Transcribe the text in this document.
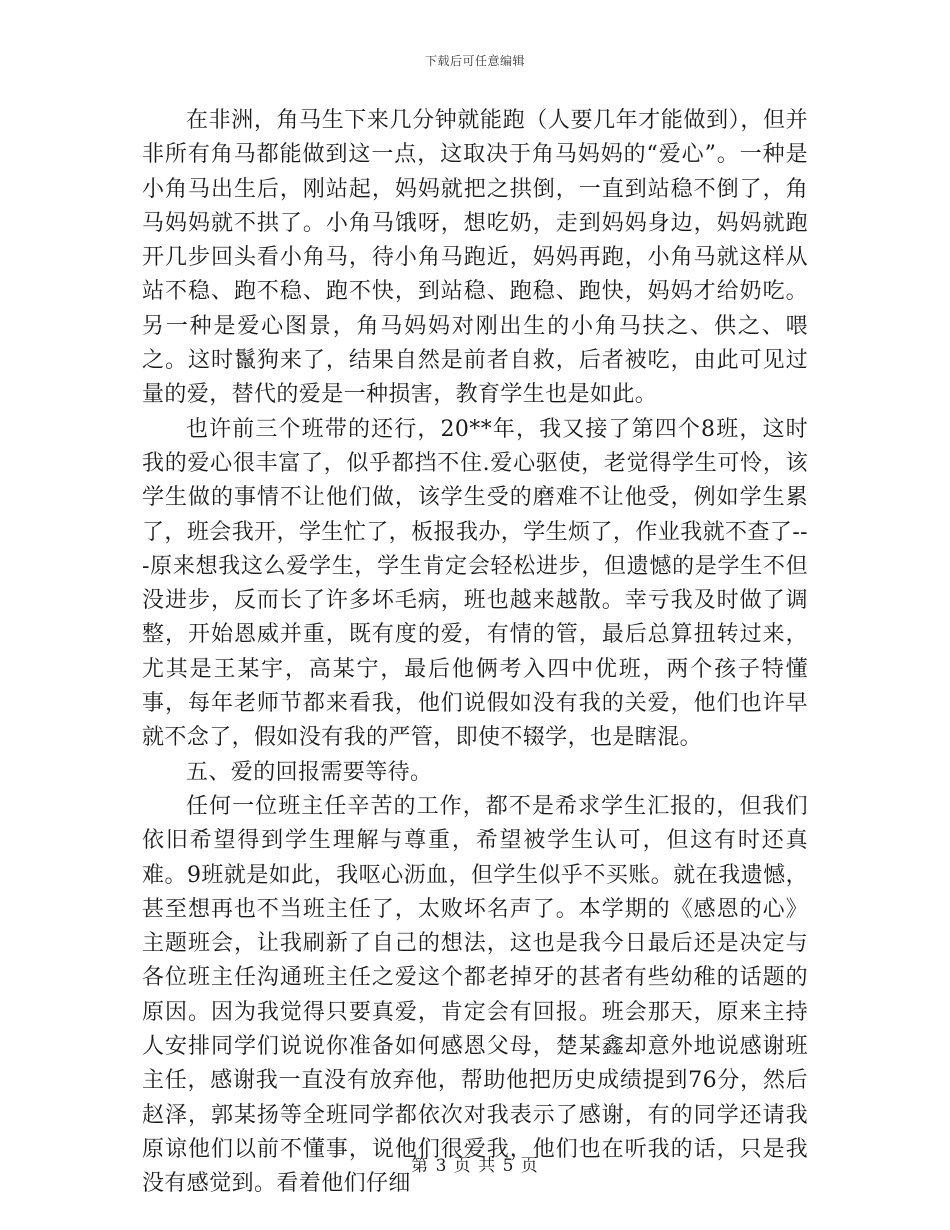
下载后可任意编辑

在非洲，角马生下来几分钟就能跑（人要几年才能做到），但并非所有角马都能做到这一点，这取决于角马妈妈的“爱心”。一种是小角马出生后，刚站起，妈妈就把之拱倒，一直到站稳不倒了，角马妈妈就不拱了。小角马饿呀，想吃奶，走到妈妈身边，妈妈就跑开几步回头看小角马，待小角马跑近，妈妈再跑，小角马就这样从站不稳、跑不稳、跑不快，到站稳、跑稳、跑快，妈妈才给奶吃。另一种是爱心图景，角马妈妈对刚出生的小角马扶之、供之、喂之。这时鬣狗来了，结果自然是前者自救，后者被吃，由此可见过量的爱，替代的爱是一种损害，教育学生也是如此。

也许前三个班带的还行，20**年，我又接了第四个8班，这时我的爱心很丰富了，似乎都挡不住.爱心驱使，老觉得学生可怜，该学生做的事情不让他们做，该学生受的磨难不让他受，例如学生累了，班会我开，学生忙了，板报我办，学生烦了，作业我就不查了---原来想我这么爱学生，学生肯定会轻松进步，但遗憾的是学生不但没进步，反而长了许多坏毛病，班也越来越散。幸亏我及时做了调整，开始恩威并重，既有度的爱，有情的管，最后总算扭转过来，尤其是王某宇，高某宁，最后他俩考入四中优班，两个孩子特懂事，每年老师节都来看我，他们说假如没有我的关爱，他们也许早就不念了，假如没有我的严管，即使不辍学，也是瞎混。

五、爱的回报需要等待。

任何一位班主任辛苦的工作，都不是希求学生汇报的，但我们依旧希望得到学生理解与尊重，希望被学生认可，但这有时还真难。9班就是如此，我呕心沥血，但学生似乎不买账。就在我遗憾，甚至想再也不当班主任了，太败坏名声了。本学期的《感恩的心》主题班会，让我刷新了自己的想法，这也是我今日最后还是决定与各位班主任沟通班主任之爱这个都老掉牙的甚者有些幼稚的话题的原因。因为我觉得只要真爱，肯定会有回报。班会那天，原来主持人安排同学们说说你准备如何感恩父母，楚某鑫却意外地说感谢班主任，感谢我一直没有放弃他，帮助他把历史成绩提到76分，然后赵泽，郭某扬等全班同学都依次对我表示了感谢，有的同学还请我原谅他们以前不懂事，说他们很爱我，他们也在听我的话，只是我没有感觉到。看着他们仔细

第 3 页 共 5 页
